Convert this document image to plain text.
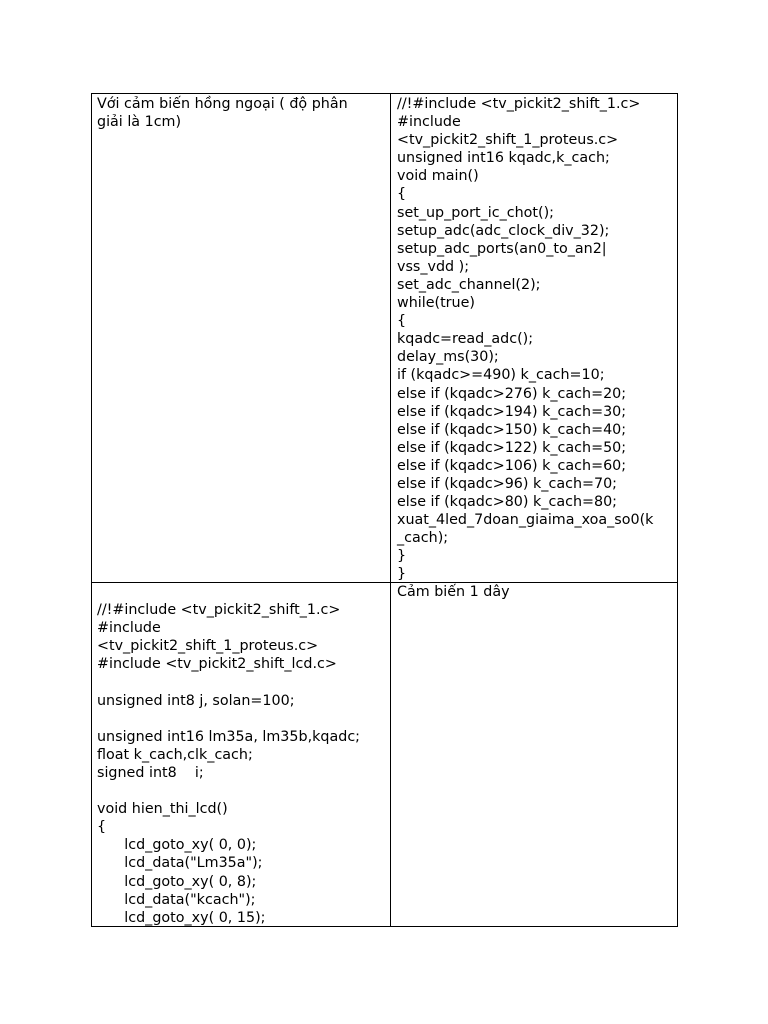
Với cảm biến hồng ngoại ( độ phân
giải là 1cm)
//!#include <tv_pickit2_shift_1.c>
#include
<tv_pickit2_shift_1_proteus.c>
unsigned int16 kqadc,k_cach;
void main()
{
set_up_port_ic_chot();
setup_adc(adc_clock_div_32);
setup_adc_ports(an0_to_an2|
vss_vdd );
set_adc_channel(2);
while(true)
{
kqadc=read_adc();
delay_ms(30);
if (kqadc>=490) k_cach=10;
else if (kqadc>276) k_cach=20;
else if (kqadc>194) k_cach=30;
else if (kqadc>150) k_cach=40;
else if (kqadc>122) k_cach=50;
else if (kqadc>106) k_cach=60;
else if (kqadc>96) k_cach=70;
else if (kqadc>80) k_cach=80;
xuat_4led_7doan_giaima_xoa_so0(k
_cach);
}
}
//!#include <tv_pickit2_shift_1.c>
#include
<tv_pickit2_shift_1_proteus.c>
#include <tv_pickit2_shift_lcd.c>
unsigned int8 j, solan=100;
unsigned int16 lm35a, lm35b,kqadc;
float k_cach,clk_cach;
signed int8    i;
void hien_thi_lcd()
{
lcd_goto_xy( 0, 0);
lcd_data("Lm35a");
lcd_goto_xy( 0, 8);
lcd_data("kcach");
lcd_goto_xy( 0, 15);
Cảm biến 1 dây
